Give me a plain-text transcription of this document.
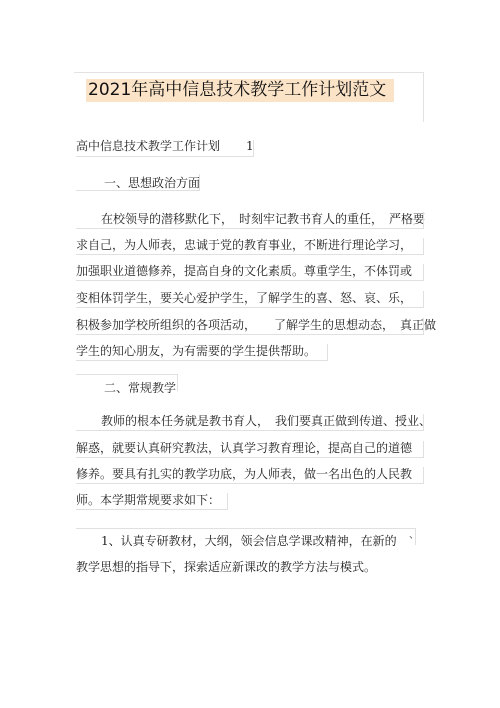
2021年高中信息技术教学工作计划范文
高中信息技术教学工作计划 1
一、思想政治方面
在校领导的潜移默化下，　时刻牢记教书育人的重任，　严格要
求自己，为人师表，忠诚于党的教育事业，不断进行理论学习，
加强职业道德修养，提高自身的文化素质。尊重学生，不体罚或
变相体罚学生，要关心爱护学生，了解学生的喜、怒、哀、乐，
积极参加学校所组织的各项活动，　　了解学生的思想动态，　真正做
学生的知心朋友，为有需要的学生提供帮助。
二、常规教学
教师的根本任务就是教书育人，　我们要真正做到传道、授业、
解惑，就要认真研究教法，认真学习教育理论，提高自己的道德
修养。要具有扎实的教学功底，为人师表，做一名出色的人民教
师。本学期常规要求如下：
1、认真专研教材，大纲，领会信息学课改精神，在新的 、
教学思想的指导下，探索适应新课改的教学方法与模式。
